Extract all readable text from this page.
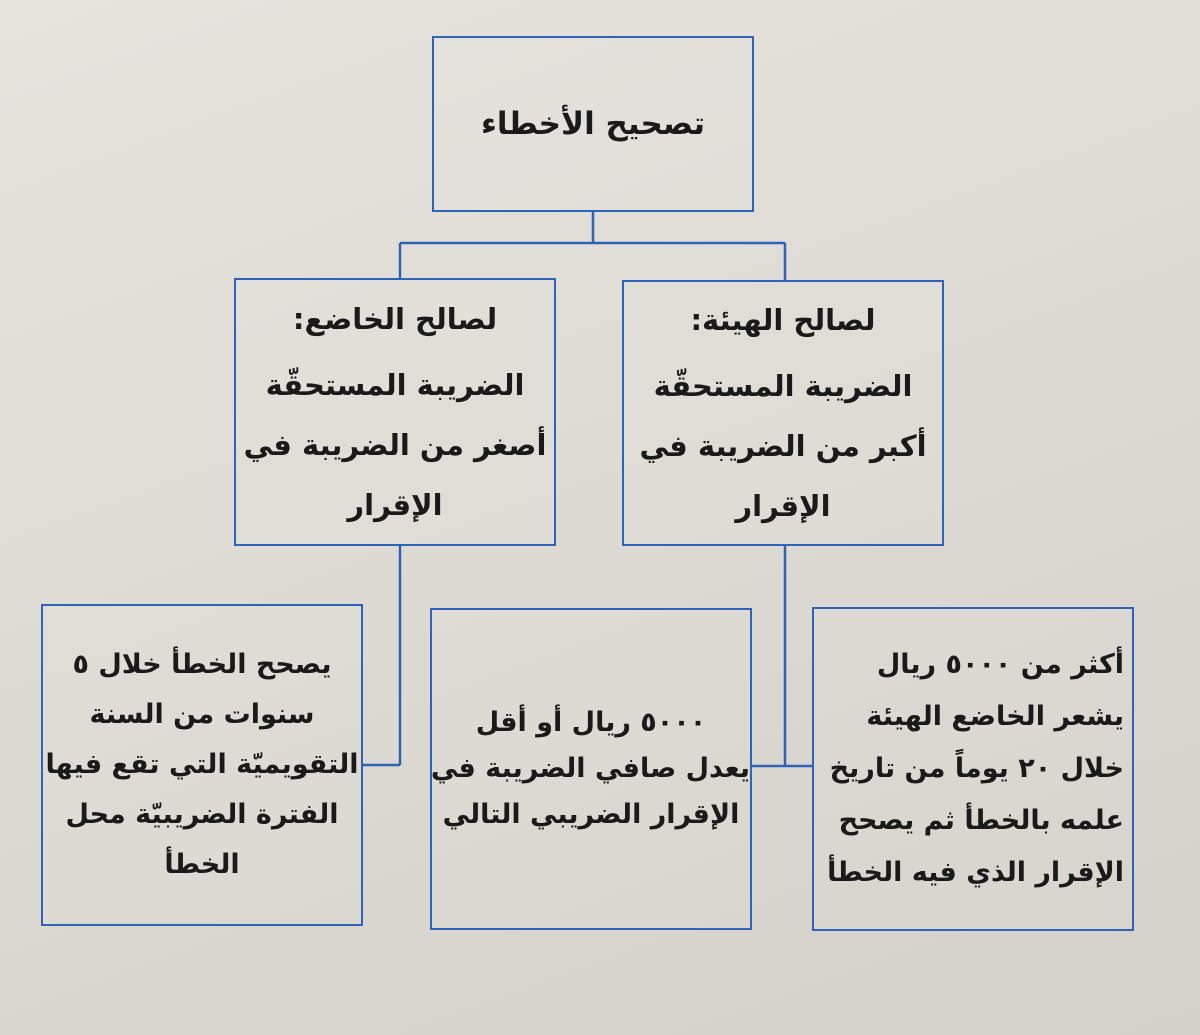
تصحيح الأخطاء

لصالح الهيئة:

الضريبة المستحقّة

أكبر من الضريبة في

الإقرار

لصالح الخاضع:

الضريبة المستحقّة

أصغر من الضريبة في

الإقرار

أكثر من ٥٠٠٠ ريال

يشعر الخاضع الهيئة

خلال ٢٠ يوماً من تاريخ

علمه بالخطأ ثم يصحح

الإقرار الذي فيه الخطأ

٥٠٠٠ ريال أو أقل

يعدل صافي الضريبة في

الإقرار الضريبي التالي

يصحح الخطأ خلال ٥

سنوات من السنة

التقويميّة التي تقع فيها

الفترة الضريبيّة محل

الخطأ
